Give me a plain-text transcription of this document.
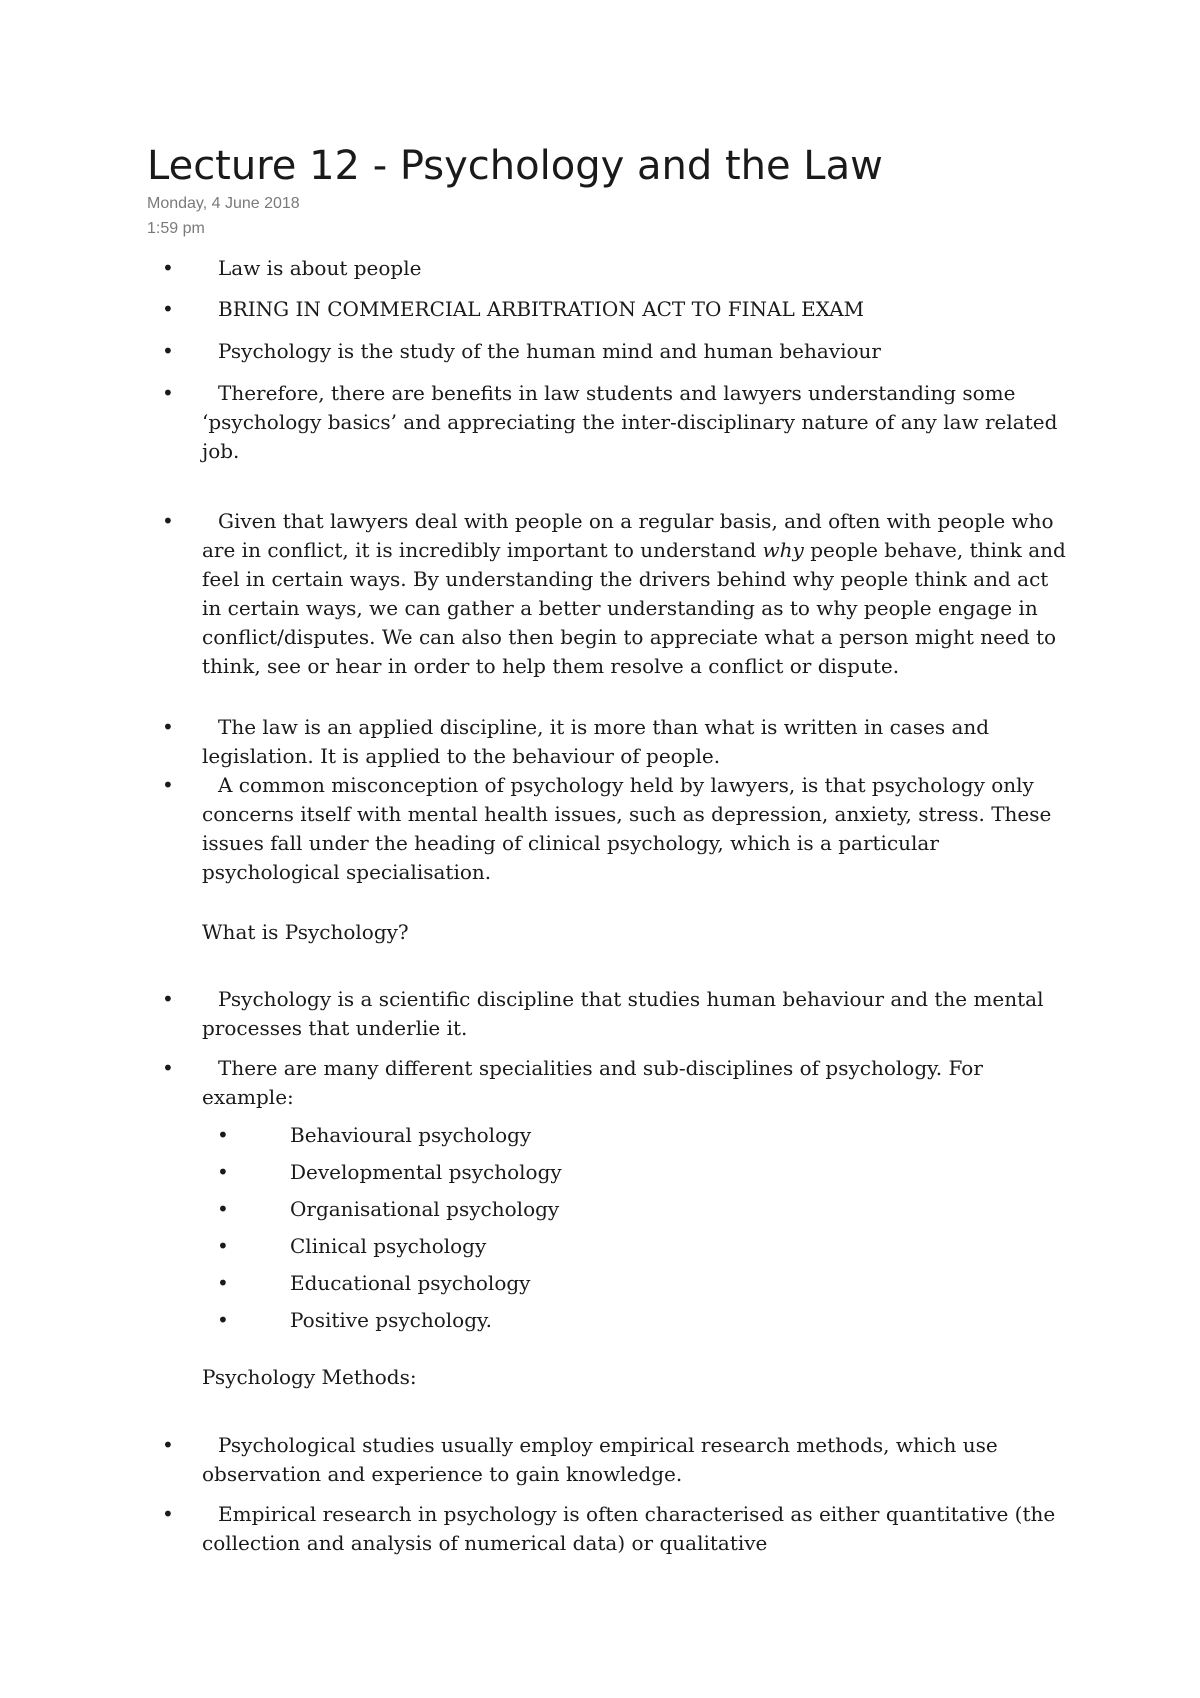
Lecture 12 - Psychology and the Law
Monday, 4 June 2018
1:59 pm
•	Law is about people

•	BRING IN COMMERCIAL ARBITRATION ACT TO FINAL EXAM

•	Psychology is the study of the human mind and human behaviour

•	Therefore, there are benefits in law students and lawyers understanding some ‘psychology basics’ and appreciating the inter-disciplinary nature of any law related job.

•	Given that lawyers deal with people on a regular basis, and often with people who are in conflict, it is incredibly important to understand why people behave, think and feel in certain ways. By understanding the drivers behind why people think and act in certain ways, we can gather a better understanding as to why people engage in conflict/disputes. We can also then begin to appreciate what a person might need to think, see or hear in order to help them resolve a conflict or dispute.

•	The law is an applied discipline, it is more than what is written in cases and legislation. It is applied to the behaviour of people.

•	A common misconception of psychology held by lawyers, is that psychology only concerns itself with mental health issues, such as depression, anxiety, stress. These issues fall under the heading of clinical psychology, which is a particular psychological specialisation.

What is Psychology?
•	Psychology is a scientific discipline that studies human behaviour and the mental processes that underlie it.

•	There are many different specialities and sub-disciplines of psychology. For example:

•	Behavioural psychology

•	Developmental psychology

•	Organisational psychology

•	Clinical psychology

•	Educational psychology

•	Positive psychology.

Psychology Methods:
•	Psychological studies usually employ empirical research methods, which use observation and experience to gain knowledge.

•	Empirical research in psychology is often characterised as either quantitative (the collection and analysis of numerical data) or qualitative
